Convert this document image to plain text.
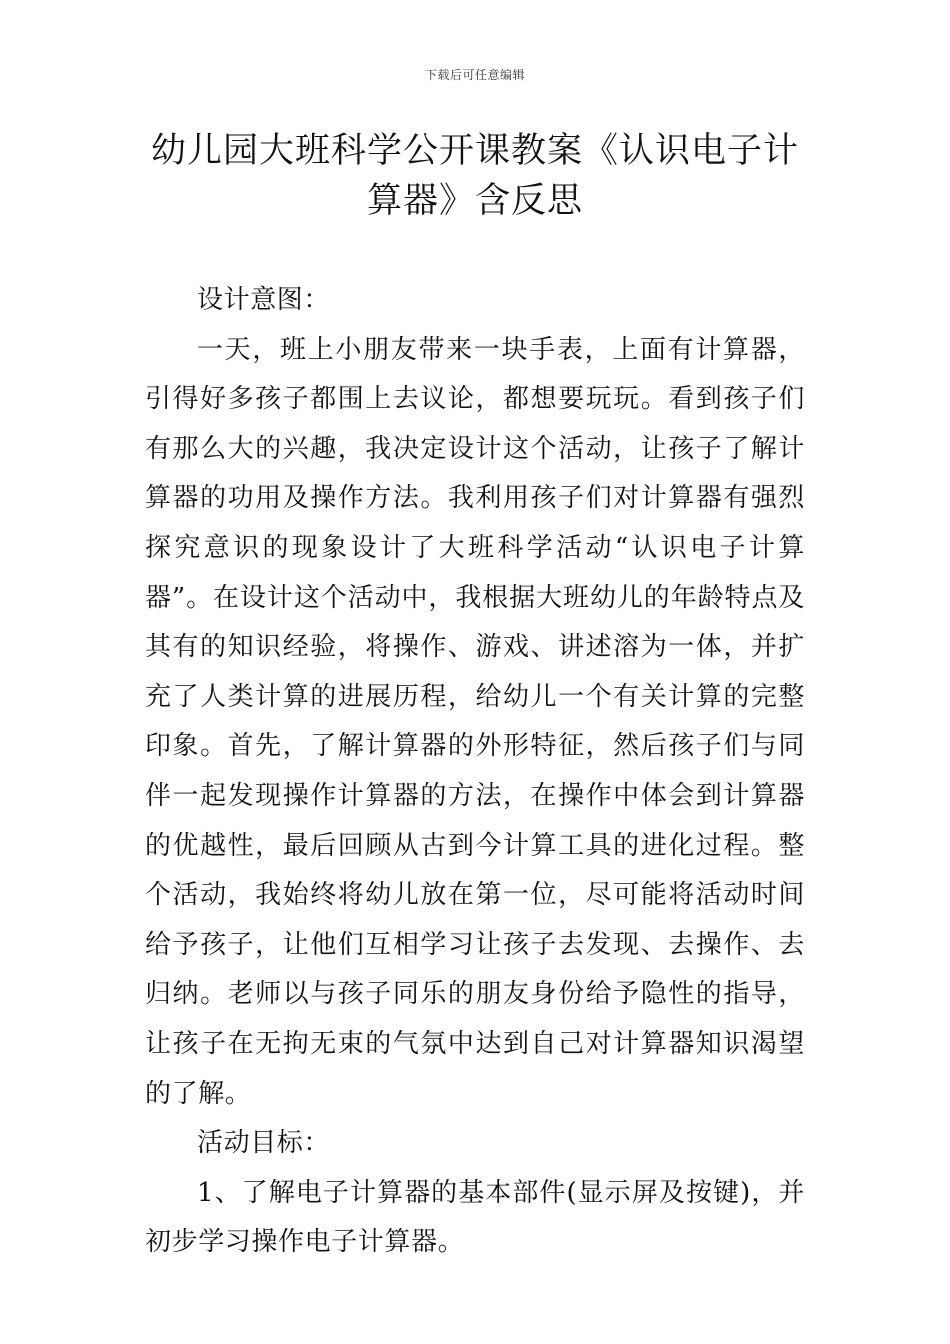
下载后可任意编辑
幼儿园大班科学公开课教案《认识电子计算器》含反思

设计意图：

一天，班上小朋友带来一块手表，上面有计算器，引得好多孩子都围上去议论，都想要玩玩。看到孩子们有那么大的兴趣，我决定设计这个活动，让孩子了解计算器的功用及操作方法。我利用孩子们对计算器有强烈探究意识的现象设计了大班科学活动“认识电子计算器”。在设计这个活动中，我根据大班幼儿的年龄特点及其有的知识经验，将操作、游戏、讲述溶为一体，并扩充了人类计算的进展历程，给幼儿一个有关计算的完整印象。首先，了解计算器的外形特征，然后孩子们与同伴一起发现操作计算器的方法，在操作中体会到计算器的优越性，最后回顾从古到今计算工具的进化过程。整个活动，我始终将幼儿放在第一位，尽可能将活动时间给予孩子，让他们互相学习让孩子去发现、去操作、去归纳。老师以与孩子同乐的朋友身份给予隐性的指导，让孩子在无拘无束的气氛中达到自己对计算器知识渴望的了解。

活动目标：

1、了解电子计算器的基本部件(显示屏及按键)，并初步学习操作电子计算器。
